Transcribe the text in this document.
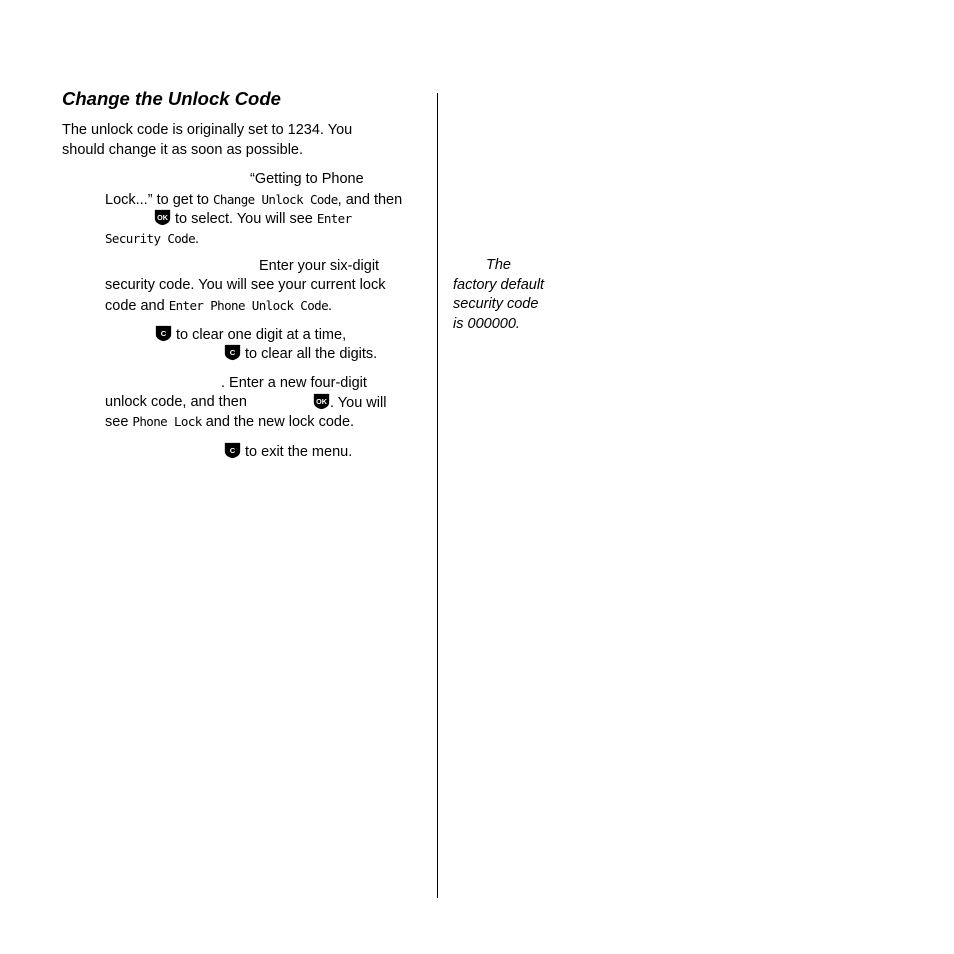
Change the Unlock Code
The unlock code is originally set to 1234. You
should change it as soon as possible.
“Getting to Phone
Lock...” to get to Change Unlock Code, and then
OK to select. You will see Enter
Security Code.
Enter your six-digit
security code. You will see your current lock
code and Enter Phone Unlock Code.
C to clear one digit at a time,
C to clear all the digits.
. Enter a new four-digit
unlock code, and then	OK . You will
see Phone Lock and the new lock code.
C to exit the menu.
The
factory default
security code
is 000000.
